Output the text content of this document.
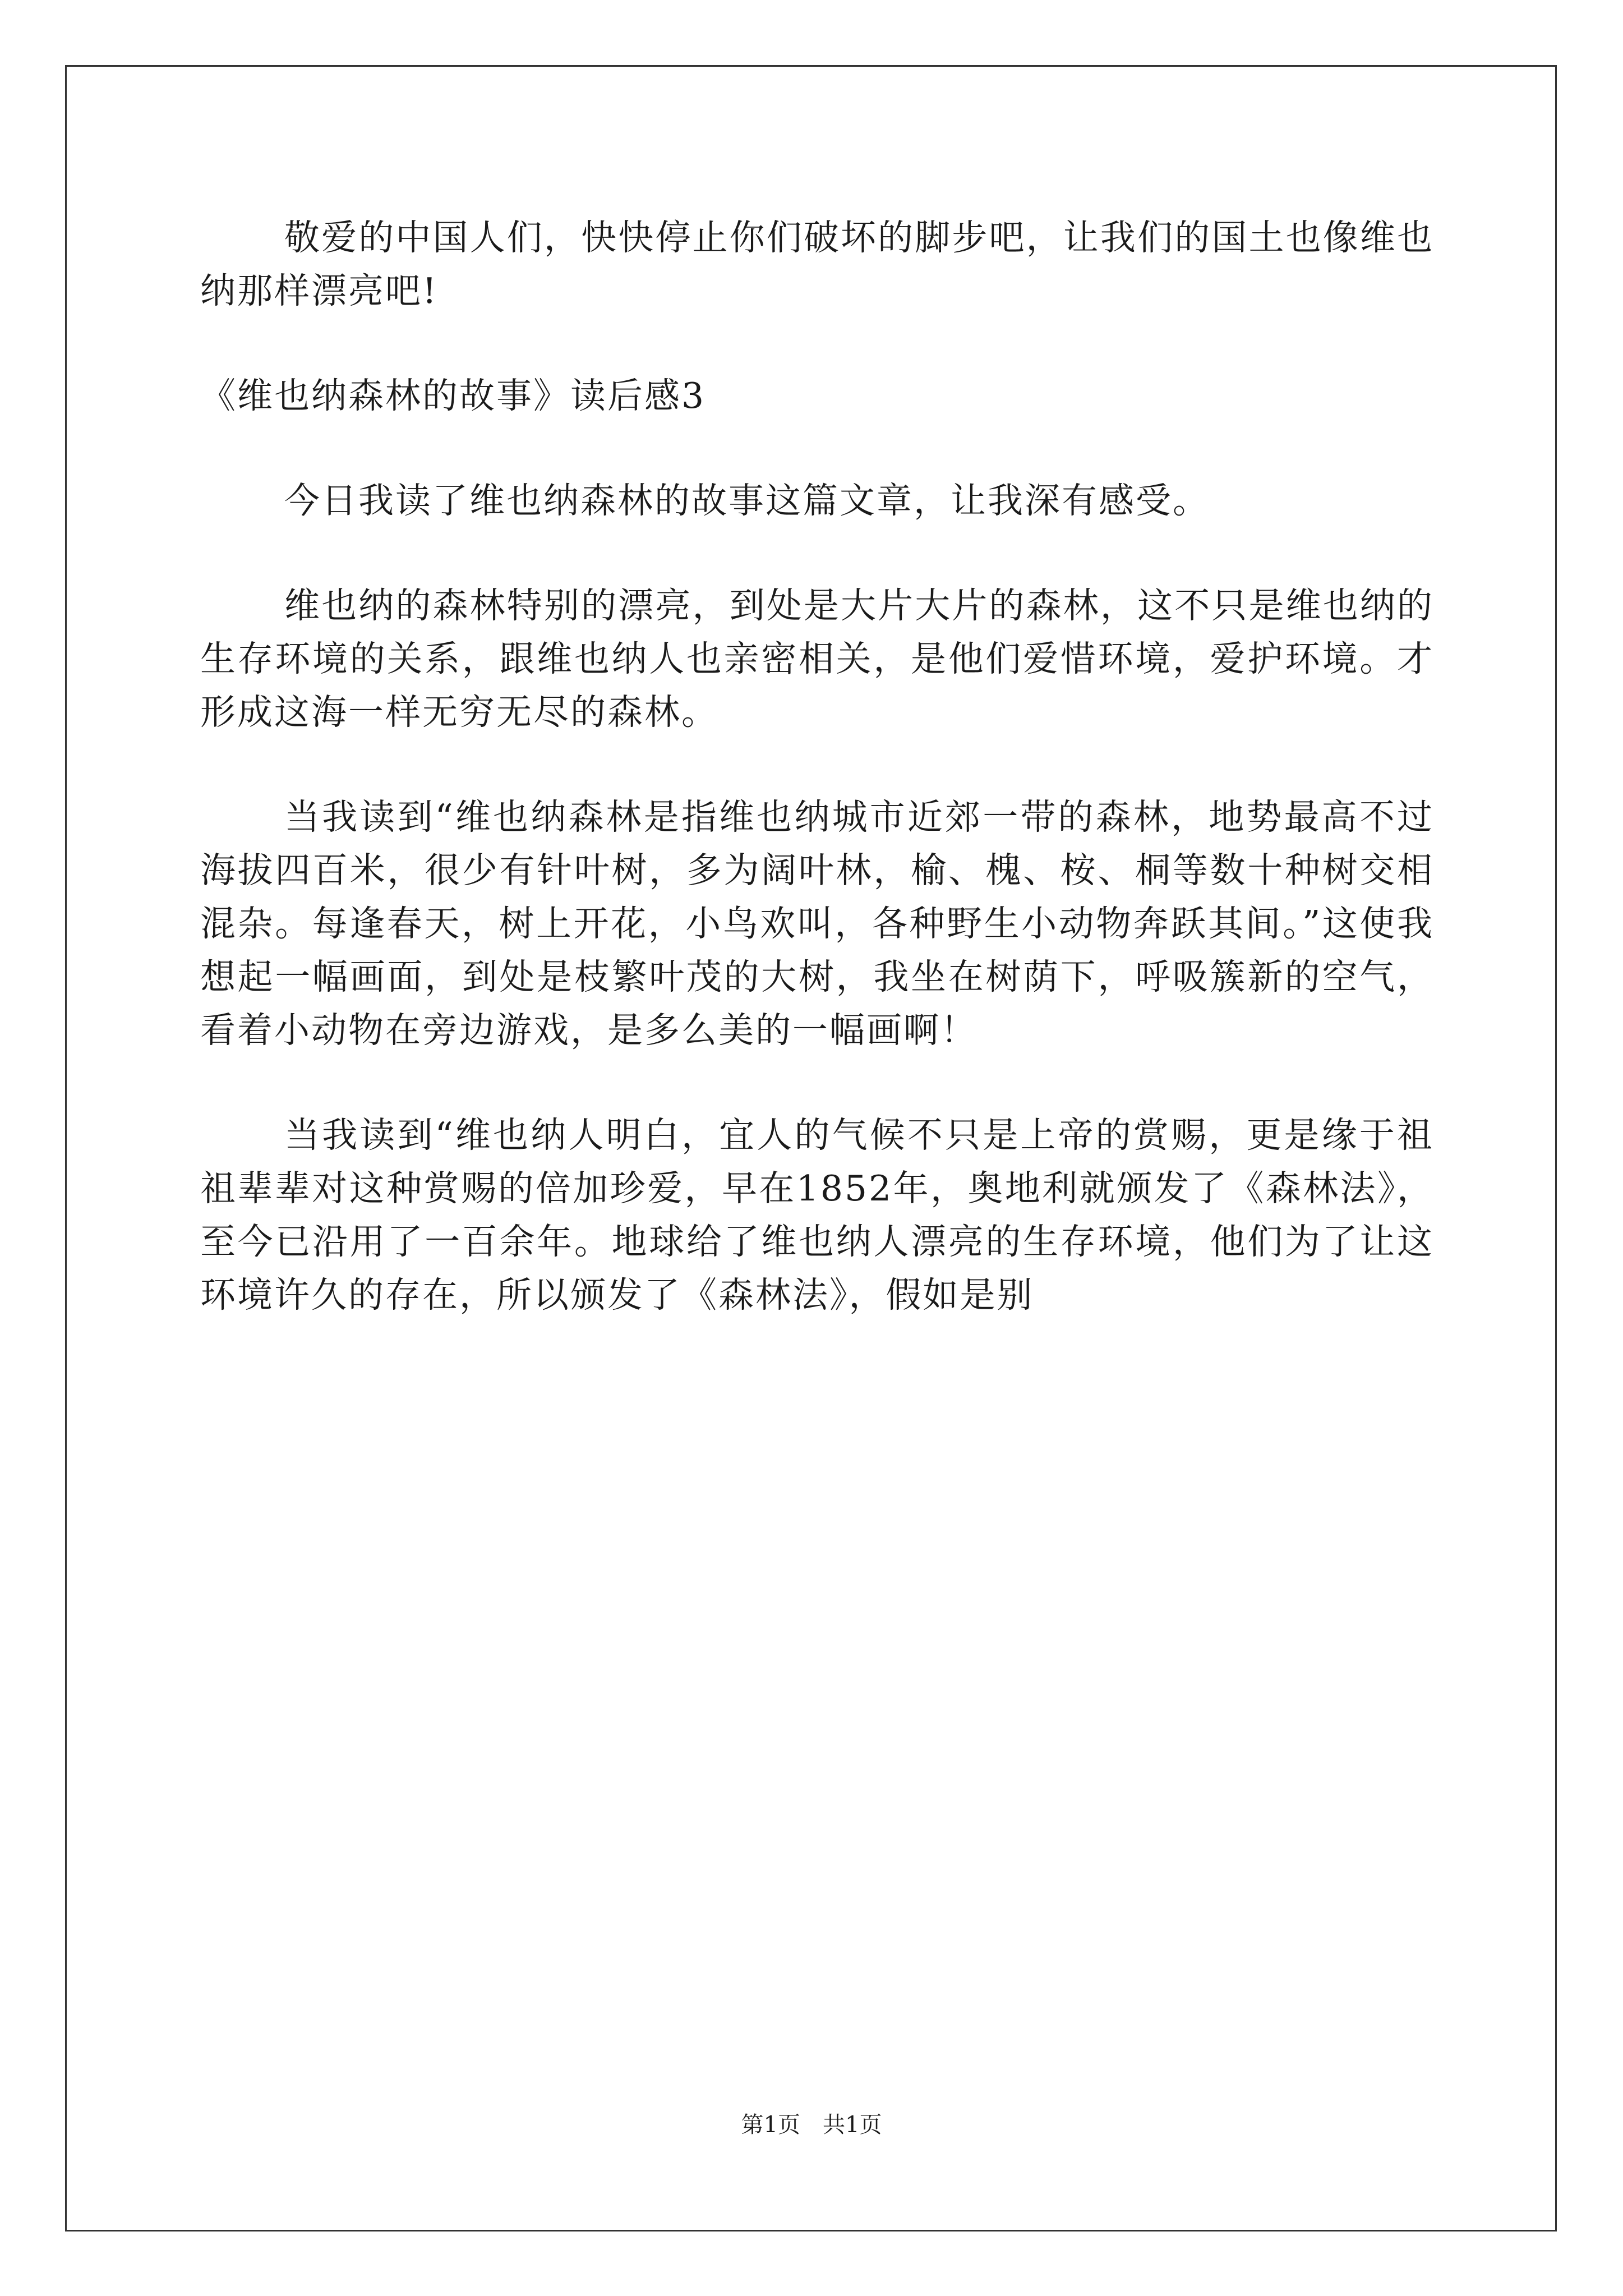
敬爱的中国人们，快快停止你们破坏的脚步吧，让我们的国土也像维也纳那样漂亮吧!

《维也纳森林的故事》读后感3

今日我读了维也纳森林的故事这篇文章，让我深有感受。

维也纳的森林特别的漂亮，到处是大片大片的森林，这不只是维也纳的生存环境的关系，跟维也纳人也亲密相关，是他们爱惜环境，爱护环境。才形成这海一样无穷无尽的森林。

当我读到“维也纳森林是指维也纳城市近郊一带的森林，地势最高不过海拔四百米，很少有针叶树，多为阔叶林，榆、槐、桉、桐等数十种树交相混杂。每逢春天，树上开花，小鸟欢叫，各种野生小动物奔跃其间。”这使我想起一幅画面，到处是枝繁叶茂的大树，我坐在树荫下，呼吸簇新的空气，看着小动物在旁边游戏，是多么美的一幅画啊！

当我读到“维也纳人明白，宜人的气候不只是上帝的赏赐，更是缘于祖祖辈辈对这种赏赐的倍加珍爱，早在1852年，奥地利就颁发了《森林法》，至今已沿用了一百余年。地球给了维也纳人漂亮的生存环境，他们为了让这环境许久的存在，所以颁发了《森林法》，假如是别

第1页 共1页
